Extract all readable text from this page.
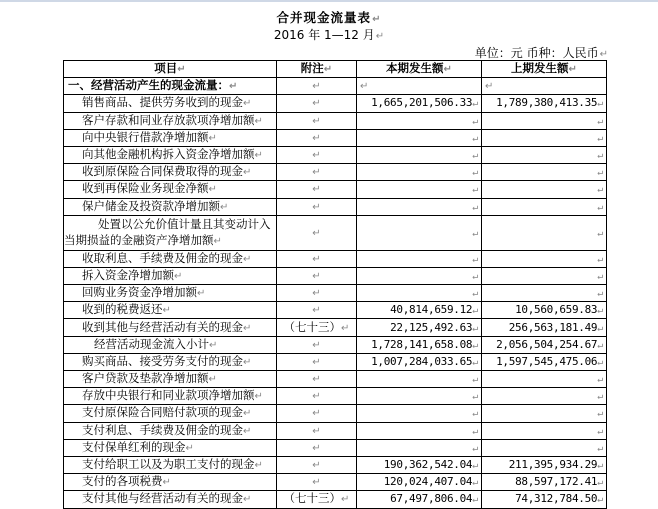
合并现金流量表↵
2016 年 1—12 月↵
单位：元 币种：人民币↵
项目↵	附注↵	本期发生额↵	上期发生额↵
一、经营活动产生的现金流量：↵	↵	↵	↵
销售商品、提供劳务收到的现金↵	↵	1,665,201,506.33↵	1,789,380,413.35↵
客户存款和同业存放款项净增加额↵	↵	↵	↵
向中央银行借款净增加额↵	↵	↵	↵
向其他金融机构拆入资金净增加额↵	↵	↵	↵
收到原保险合同保费取得的现金↵	↵	↵	↵
收到再保险业务现金净额↵	↵	↵	↵
保户储金及投资款净增加额↵	↵	↵	↵
处置以公允价值计量且其变动计入当期损益的金融资产净增加额↵	↵	↵	↵
收取利息、手续费及佣金的现金↵	↵	↵	↵
拆入资金净增加额↵	↵	↵	↵
回购业务资金净增加额↵	↵	↵	↵
收到的税费返还↵	↵	40,814,659.12↵	10,560,659.83↵
收到其他与经营活动有关的现金↵	（七十三）↵	22,125,492.63↵	256,563,181.49↵
经营活动现金流入小计↵	↵	1,728,141,658.08↵	2,056,504,254.67↵
购买商品、接受劳务支付的现金↵	↵	1,007,284,033.65↵	1,597,545,475.06↵
客户贷款及垫款净增加额↵	↵	↵	↵
存放中央银行和同业款项净增加额↵	↵	↵	↵
支付原保险合同赔付款项的现金↵	↵	↵	↵
支付利息、手续费及佣金的现金↵	↵	↵	↵
支付保单红利的现金↵	↵	↵	↵
支付给职工以及为职工支付的现金↵	↵	190,362,542.04↵	211,395,934.29↵
支付的各项税费↵	↵	120,024,407.04↵	88,597,172.41↵
支付其他与经营活动有关的现金↵	（七十三）↵	67,497,806.04↵	74,312,784.50↵
